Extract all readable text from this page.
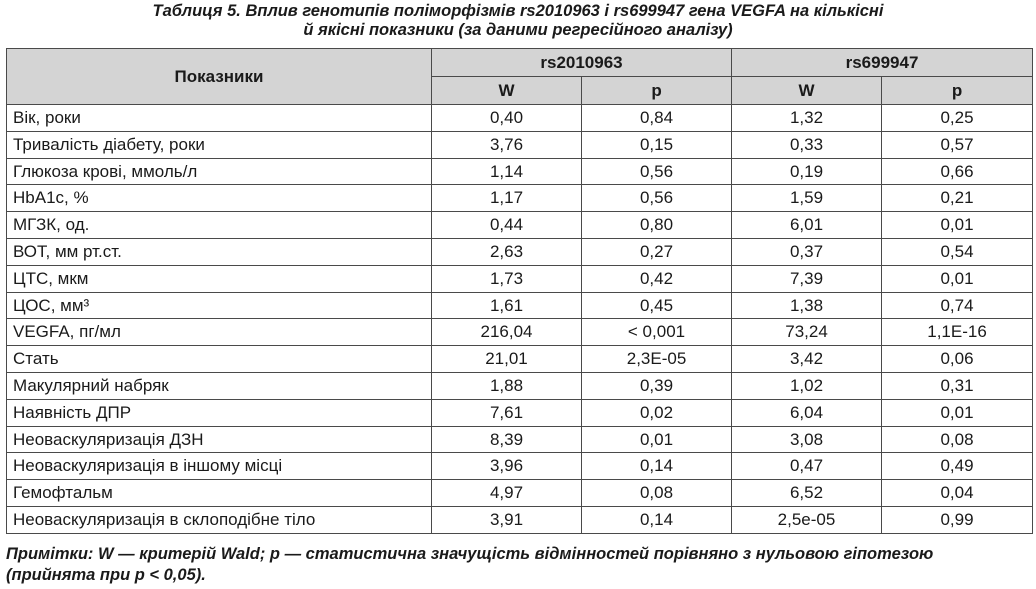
Таблиця 5. Вплив генотипів поліморфізмів rs2010963 і rs699947 гена VEGFA на кількісні
й якісні показники (за даними регресійного аналізу)
Показники	rs2010963		rs699947	
	W	p	W	p
Вік, роки	0,40	0,84	1,32	0,25
Тривалість діабету, роки	3,76	0,15	0,33	0,57
Глюкоза крові, ммоль/л	1,14	0,56	0,19	0,66
HbA1c, %	1,17	0,56	1,59	0,21
МГЗК, од.	0,44	0,80	6,01	0,01
ВОТ, мм рт.ст.	2,63	0,27	0,37	0,54
ЦТС, мкм	1,73	0,42	7,39	0,01
ЦОС, мм³	1,61	0,45	1,38	0,74
VEGFA, пг/мл	216,04	< 0,001	73,24	1,1E-16
Стать	21,01	2,3E-05	3,42	0,06
Макулярний набряк	1,88	0,39	1,02	0,31
Наявність ДПР	7,61	0,02	6,04	0,01
Неоваскуляризація ДЗН	8,39	0,01	3,08	0,08
Неоваскуляризація в іншому місці	3,96	0,14	0,47	0,49
Гемофтальм	4,97	0,08	6,52	0,04
Неоваскуляризація в склоподібне тіло	3,91	0,14	2,5е-05	0,99
Примітки: W — критерій Wald; p — статистична значущість відмінностей порівняно з нульовою гіпотезою
(прийнята при p < 0,05).
